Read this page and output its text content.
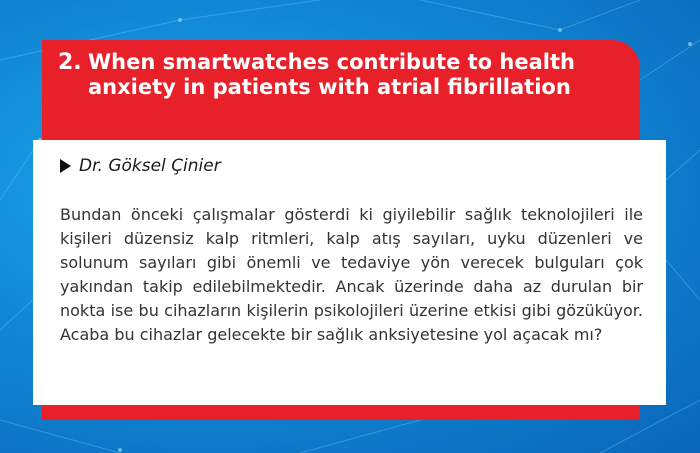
2. When smartwatches contribute to health anxiety in patients with atrial fibrillation
Dr. Göksel Çinier
Bundan önceki çalışmalar gösterdi ki giyilebilir sağlık teknolojileri ile kişileri düzensiz kalp ritmleri, kalp atış sayıları, uyku düzenleri ve solunum sayıları gibi önemli ve tedaviye yön verecek bulguları çok yakından takip edilebilmektedir. Ancak üzerinde daha az durulan bir nokta ise bu cihazların kişilerin psikolojileri üzerine etkisi gibi gözüküyor. Acaba bu cihazlar gelecekte bir sağlık anksiyetesine yol açacak mı?
